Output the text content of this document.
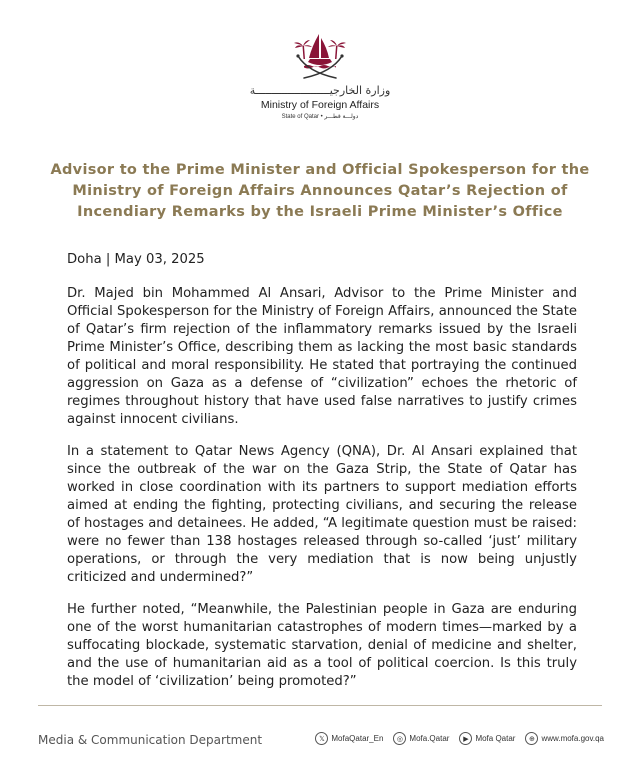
وزارة الخارجيـــــــــــــــــــــــة
Ministry of Foreign Affairs
State of Qatar • دولـــة قطـــر
Advisor to the Prime Minister and Official Spokesperson for the Ministry of Foreign Affairs Announces Qatar’s Rejection of Incendiary Remarks by the Israeli Prime Minister’s Office

Doha | May 03, 2025

Dr. Majed bin Mohammed Al Ansari, Advisor to the Prime Minister and Official Spokesperson for the Ministry of Foreign Affairs, announced the State of Qatar’s firm rejection of the inflammatory remarks issued by the Israeli Prime Minister’s Office, describing them as lacking the most basic standards of political and moral responsibility. He stated that portraying the continued aggression on Gaza as a defense of “civilization” echoes the rhetoric of regimes throughout history that have used false narratives to justify crimes against innocent civilians.

In a statement to Qatar News Agency (QNA), Dr. Al Ansari explained that since the outbreak of the war on the Gaza Strip, the State of Qatar has worked in close coordination with its partners to support mediation efforts aimed at ending the fighting, protecting civilians, and securing the release of hostages and detainees. He added, “A legitimate question must be raised: were no fewer than 138 hostages released through so-called ‘just’ military operations, or through the very mediation that is now being unjustly criticized and undermined?”

He further noted, “Meanwhile, the Palestinian people in Gaza are enduring one of the worst humanitarian catastrophes of modern times—marked by a suffocating blockade, systematic starvation, denial of medicine and shelter, and the use of humanitarian aid as a tool of political coercion. Is this truly the model of ‘civilization’ being promoted?”

Media & Communication Department	𝕏 MofaQatar_En	◎ Mofa.Qatar	▶ Mofa Qatar	⊕ www.mofa.gov.qa
